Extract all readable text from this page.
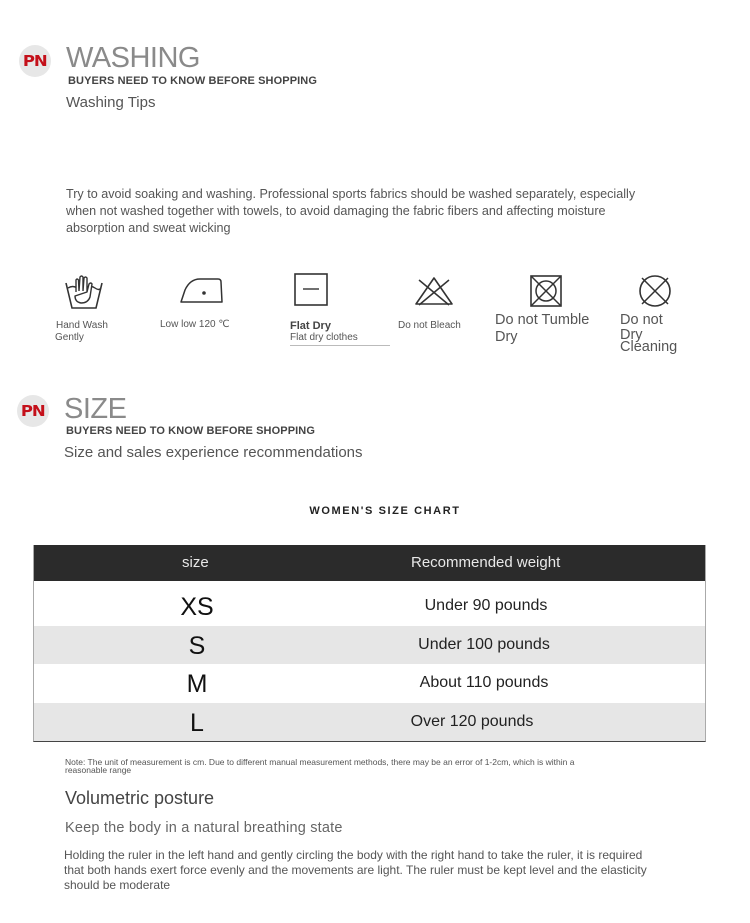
PN WASHING
BUYERS NEED TO KNOW BEFORE SHOPPING
Washing Tips
Try to avoid soaking and washing. Professional sports fabrics should be washed separately, especially when not washed together with towels, to avoid damaging the fabric fibers and affecting moisture absorption and sweat wicking
Hand Wash
Gently
Low low 120 ℃	Flat Dry
Flat dry clothes
Do not Bleach Do not Tumble
Dry
Do not
Dry
Cleaning
PN SIZE
BUYERS NEED TO KNOW BEFORE SHOPPING
Size and sales experience recommendations
WOMEN'S SIZE CHART
size	Recommended weight
XS	Under 90 pounds
S	Under 100 pounds
M	About 110 pounds
L	Over 120 pounds
Note: The unit of measurement is cm. Due to different manual measurement methods, there may be an error of 1-2cm, which is within a
reasonable range
Volumetric posture
Keep the body in a natural breathing state
Holding the ruler in the left hand and gently circling the body with the right hand to take the ruler, it is required that both hands exert force evenly and the movements are light. The ruler must be kept level and the elasticity should be moderate
